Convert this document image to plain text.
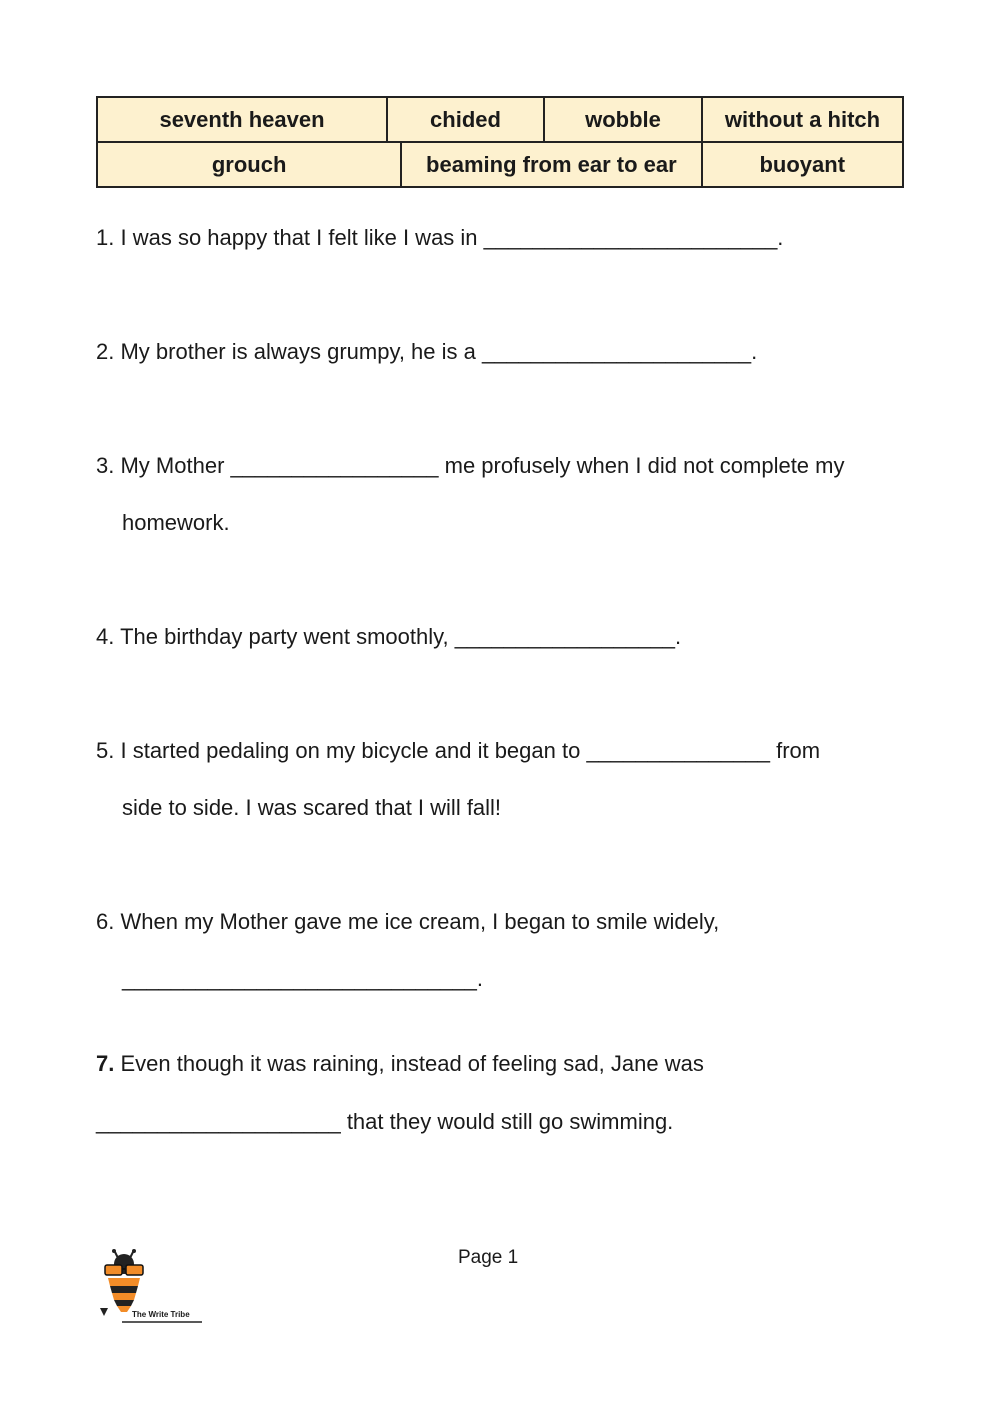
seventh heaven	chided	wobble	without a hitch
grouch	beaming from ear to ear	buoyant
1. I was so happy that I felt like I was in ________________________.
2. My brother is always grumpy, he is a ______________________.
3. My Mother _________________ me profusely when I did not complete my
homework.
4. The birthday party went smoothly, __________________.
5. I started pedaling on my bicycle and it began to _______________ from
side to side. I was scared that I will fall!
6. When my Mother gave me ice cream, I began to smile widely,
_____________________________.
7. Even though it was raining, instead of feeling sad, Jane was
____________________ that they would still go swimming.
Page 1
The Write Tribe
